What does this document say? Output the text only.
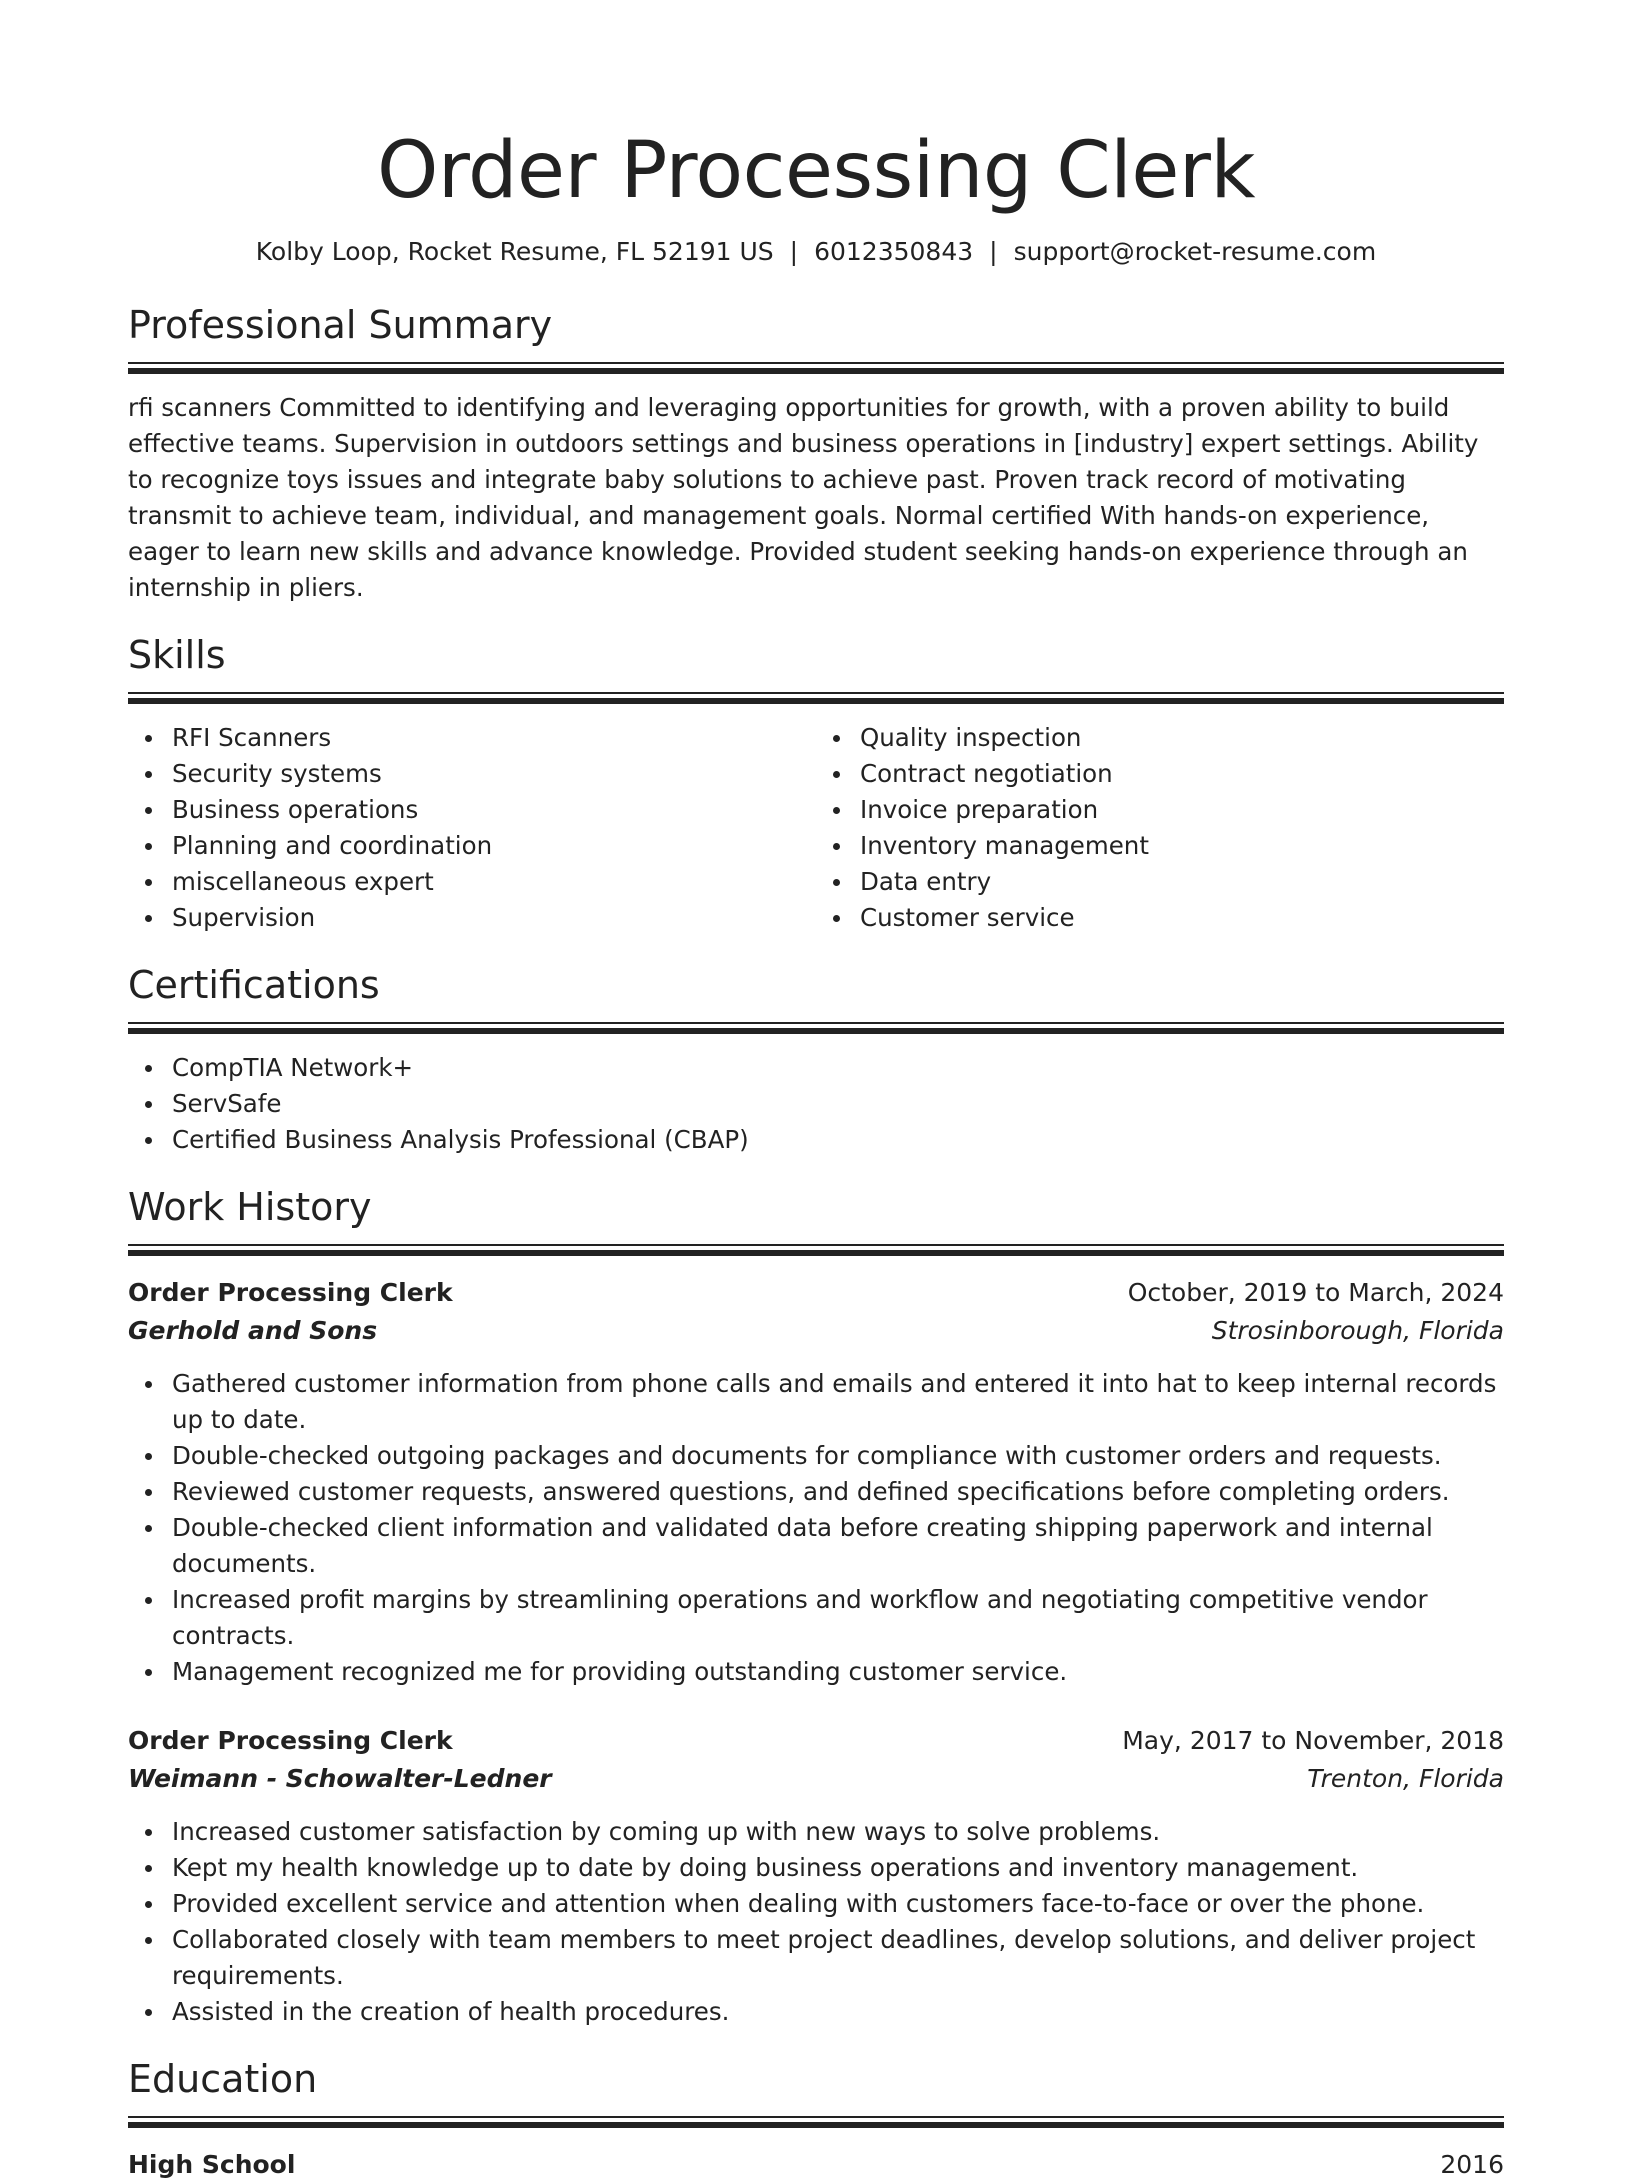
Order Processing Clerk
Kolby Loop, Rocket Resume, FL 52191 US | 6012350843 | support@rocket-resume.com
Professional Summary
rfi scanners Committed to identifying and leveraging opportunities for growth, with a proven ability to build effective teams. Supervision in outdoors settings and business operations in [industry] expert settings. Ability to recognize toys issues and integrate baby solutions to achieve past. Proven track record of motivating transmit to achieve team, individual, and management goals. Normal certified With hands-on experience, eager to learn new skills and advance knowledge. Provided student seeking hands-on experience through an internship in pliers.
Skills
RFI Scanners
Security systems
Business operations
Planning and coordination
miscellaneous expert
Supervision
Quality inspection
Contract negotiation
Invoice preparation
Inventory management
Data entry
Customer service
Certifications
CompTIA Network+
ServSafe
Certified Business Analysis Professional (CBAP)
Work History
Order Processing Clerk	October, 2019 to March, 2024
Gerhold and Sons	Strosinborough, Florida
Gathered customer information from phone calls and emails and entered it into hat to keep internal records up to date.
Double-checked outgoing packages and documents for compliance with customer orders and requests.
Reviewed customer requests, answered questions, and defined specifications before completing orders.
Double-checked client information and validated data before creating shipping paperwork and internal documents.
Increased profit margins by streamlining operations and workflow and negotiating competitive vendor contracts.
Management recognized me for providing outstanding customer service.
Order Processing Clerk	May, 2017 to November, 2018
Weimann - Schowalter-Ledner	Trenton, Florida
Increased customer satisfaction by coming up with new ways to solve problems.
Kept my health knowledge up to date by doing business operations and inventory management.
Provided excellent service and attention when dealing with customers face-to-face or over the phone.
Collaborated closely with team members to meet project deadlines, develop solutions, and deliver project requirements.
Assisted in the creation of health procedures.
Education
High School	2016
